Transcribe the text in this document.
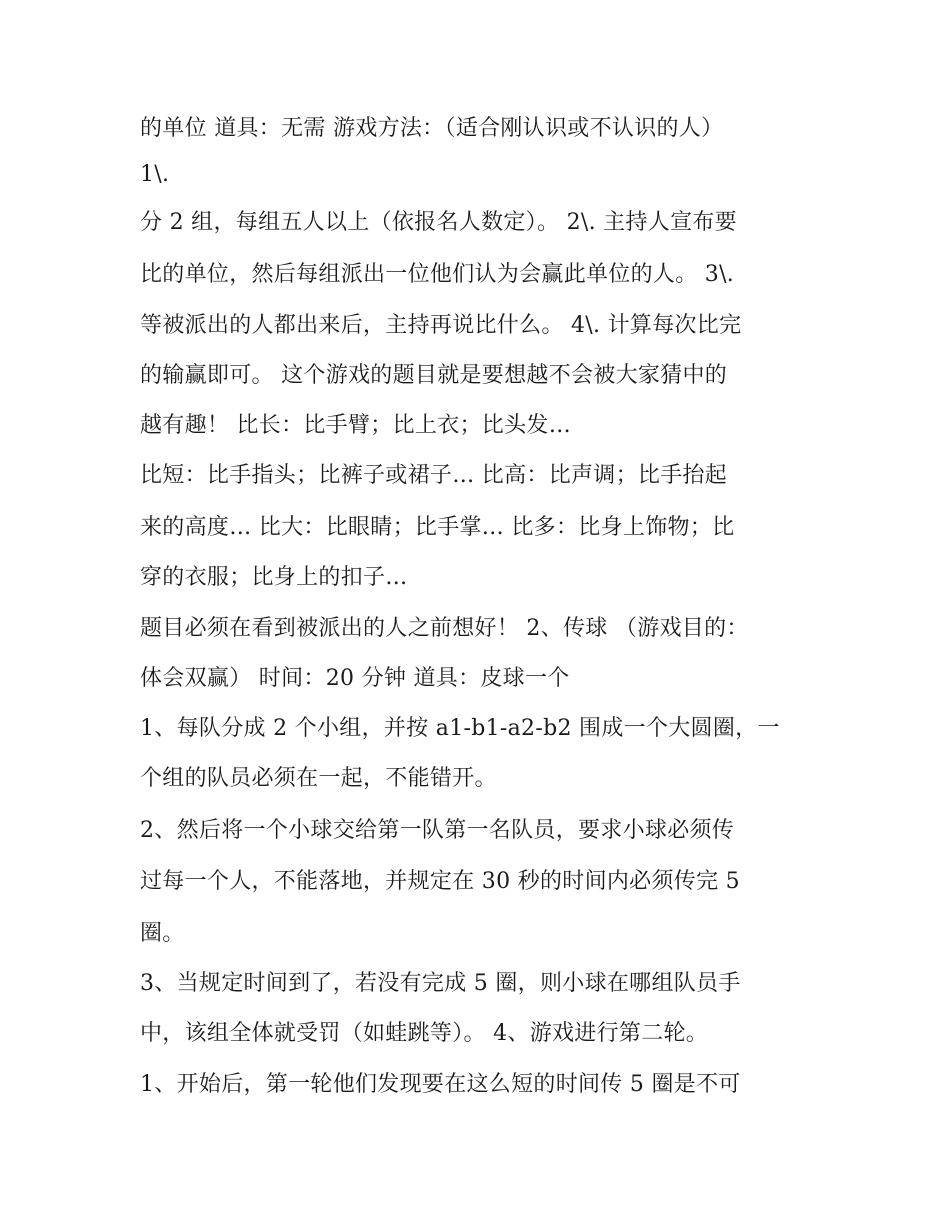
的单位 道具：无需 游戏方法：（适合刚认识或不认识的人）
1\.
分 2 组，每组五人以上（依报名人数定）。 2\. 主持人宣布要
比的单位，然后每组派出一位他们认为会赢此单位的人。 3\.
等被派出的人都出来后，主持再说比什么。 4\. 计算每次比完
的输赢即可。 这个游戏的题目就是要想越不会被大家猜中的
越有趣！ 比长：比手臂；比上衣；比头发…
比短：比手指头；比裤子或裙子… 比高：比声调；比手抬起
来的高度… 比大：比眼睛；比手掌… 比多：比身上饰物；比
穿的衣服；比身上的扣子…
题目必须在看到被派出的人之前想好！ 2、传球 （游戏目的：
体会双赢） 时间：20 分钟 道具：皮球一个
1、每队分成 2 个小组，并按 a1-b1-a2-b2 围成一个大圆圈，一
个组的队员必须在一起，不能错开。
2、然后将一个小球交给第一队第一名队员，要求小球必须传
过每一个人，不能落地，并规定在 30 秒的时间内必须传完 5
圈。
3、当规定时间到了，若没有完成 5 圈，则小球在哪组队员手
中，该组全体就受罚（如蛙跳等）。 4、游戏进行第二轮。
1、开始后，第一轮他们发现要在这么短的时间传 5 圈是不可
